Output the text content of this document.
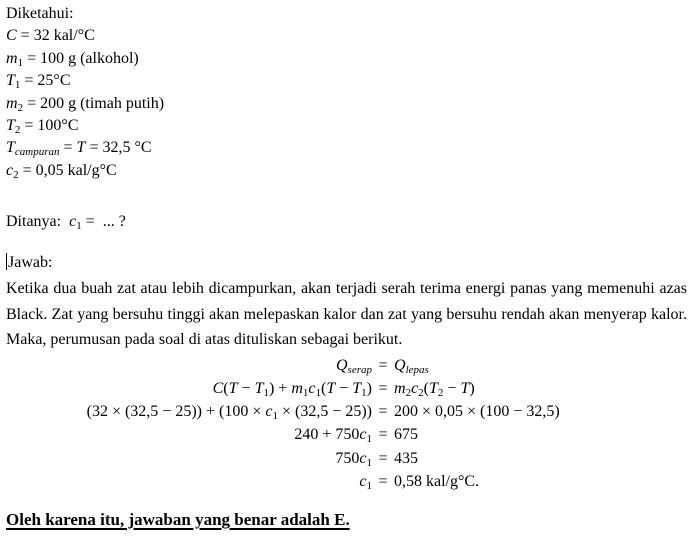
Diketahui:
C = 32 kal/°C
$m_1 = 100$ g (alkohol)
$T_1 = 25^\circ C$
$m_2 = 200$ g (timah putih)
$T_2 = 100^\circ C$
$T_{campuran} = T = 32,5$ °C
$c_2 = 0,05$ kal/g°C
Ditanya:  $c_1$ =  ... ?
Jawab:

Ketika dua buah zat atau lebih dicampurkan, akan terjadi serah terima energi panas yang memenuhi azas Black. Zat yang bersuhu tinggi akan melepaskan kalor dan zat yang bersuhu rendah akan menyerap kalor. Maka, perumusan pada soal di atas dituliskan sebagai berikut.

$Q_{serap} = Q_{lepas}$
$C(T - T_1) + m_1c_1(T - T_1) = m_2c_2(T_2 - T)$
$(32 \times (32,5 - 25)) + (100 \times c_1 \times (32,5 - 25)) = 200 \times 0,05 \times (100 - 32,5)$
$240 + 750c_1 = 675$
$750c_1 = 435$
$c_1 = 0,58$ kal/g°C.
Oleh karena itu, jawaban yang benar adalah E.
